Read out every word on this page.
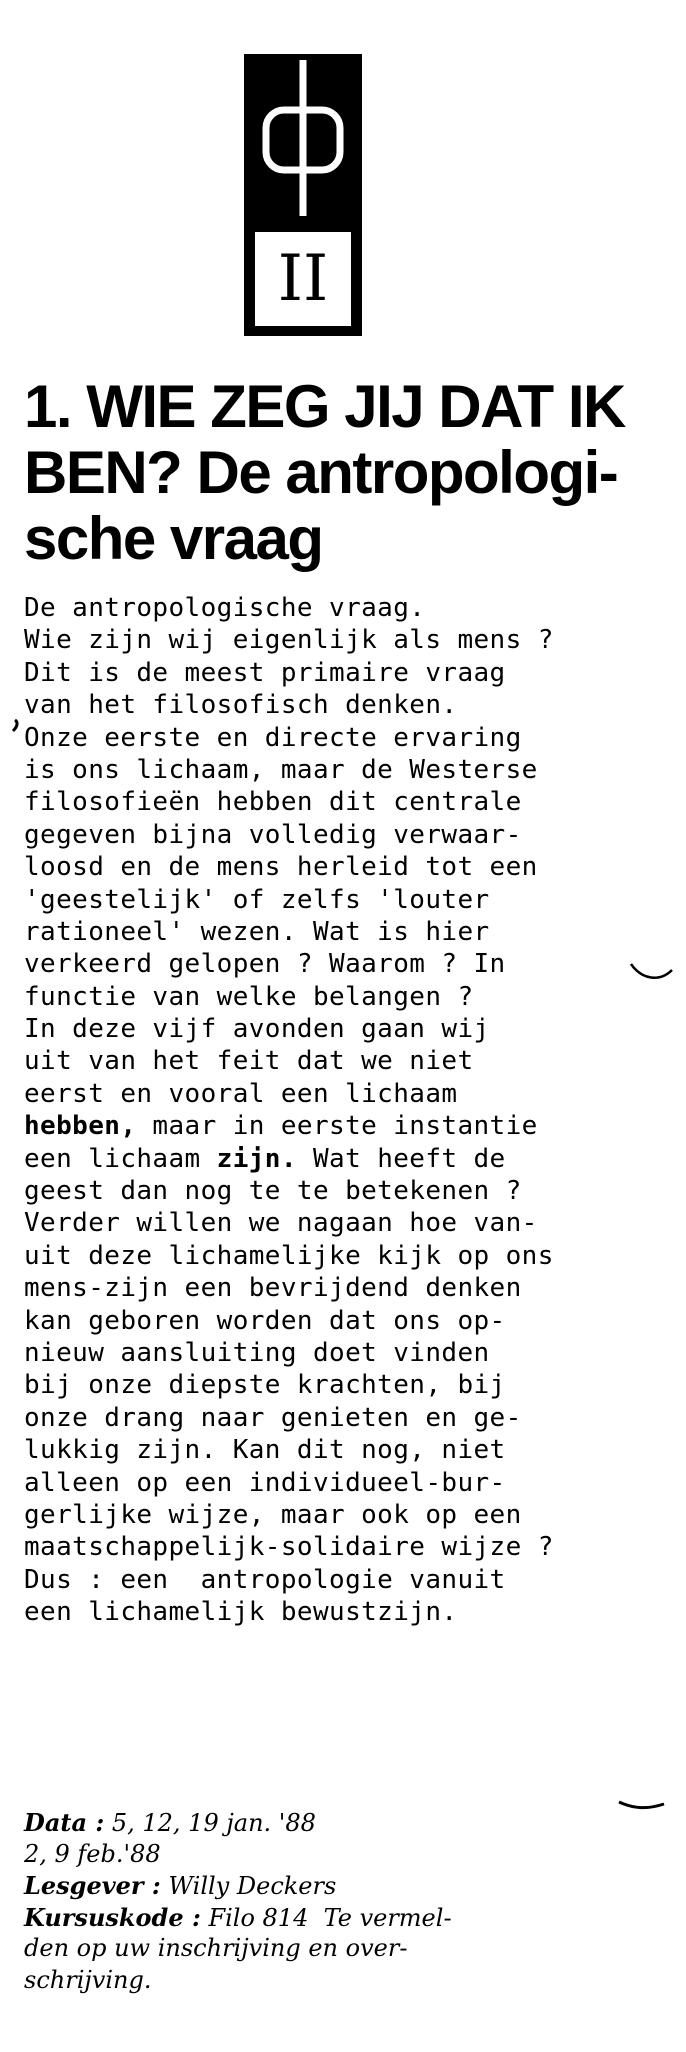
II
1. WIE ZEG JIJ DAT IK
BEN? De antropologi-
sche vraag
De antropologische vraag.
Wie zijn wij eigenlijk als mens ?
Dit is de meest primaire vraag
van het filosofisch denken.
Onze eerste en directe ervaring
is ons lichaam, maar de Westerse
filosofieën hebben dit centrale
gegeven bijna volledig verwaar-
loosd en de mens herleid tot een
'geestelijk' of zelfs 'louter
rationeel' wezen. Wat is hier
verkeerd gelopen ? Waarom ? In
functie van welke belangen ?
In deze vijf avonden gaan wij
uit van het feit dat we niet
eerst en vooral een lichaam
hebben, maar in eerste instantie
een lichaam zijn. Wat heeft de
geest dan nog te te betekenen ?
Verder willen we nagaan hoe van-
uit deze lichamelijke kijk op ons
mens-zijn een bevrijdend denken
kan geboren worden dat ons op-
nieuw aansluiting doet vinden
bij onze diepste krachten, bij
onze drang naar genieten en ge-
lukkig zijn. Kan dit nog, niet
alleen op een individueel-bur-
gerlijke wijze, maar ook op een
maatschappelijk-solidaire wijze ?
Dus : een  antropologie vanuit
een lichamelijk bewustzijn.
Data : 5, 12, 19 jan. '88
2, 9 feb.'88
Lesgever : Willy Deckers
Kursuskode : Filo 814  Te vermel-
den op uw inschrijving en over-
schrijving.
